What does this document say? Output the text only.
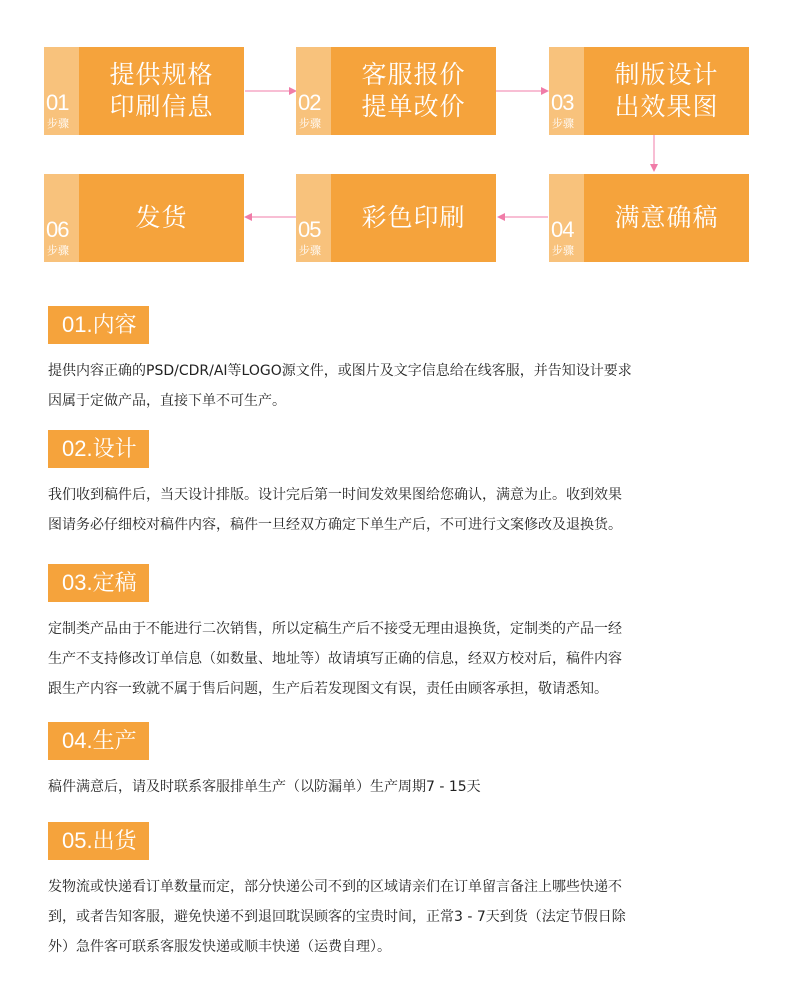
01
步骤
提供规格
印刷信息	02
步骤
客服报价
提单改价	03
步骤
制版设计
出效果图
06
步骤
发货	05
步骤
彩色印刷	04
步骤
满意确稿
01.内容
提供内容正确的PSD/CDR/AI等LOGO源文件，或图片及文字信息给在线客服，并告知设计要求
因属于定做产品，直接下单不可生产。
02.设计
我们收到稿件后，当天设计排版。设计完后第一时间发效果图给您确认，满意为止。收到效果
图请务必仔细校对稿件内容，稿件一旦经双方确定下单生产后，不可进行文案修改及退换货。
03.定稿
定制类产品由于不能进行二次销售，所以定稿生产后不接受无理由退换货，定制类的产品一经
生产不支持修改订单信息（如数量、地址等）故请填写正确的信息，经双方校对后，稿件内容
跟生产内容一致就不属于售后问题，生产后若发现图文有误，责任由顾客承担，敬请悉知。
04.生产
稿件满意后，请及时联系客服排单生产（以防漏单）生产周期7 - 15天
05.出货
发物流或快递看订单数量而定，部分快递公司不到的区域请亲们在订单留言备注上哪些快递不
到，或者告知客服，避免快递不到退回耽误顾客的宝贵时间，正常3 - 7天到货（法定节假日除
外）急件客可联系客服发快递或顺丰快递（运费自理）。
